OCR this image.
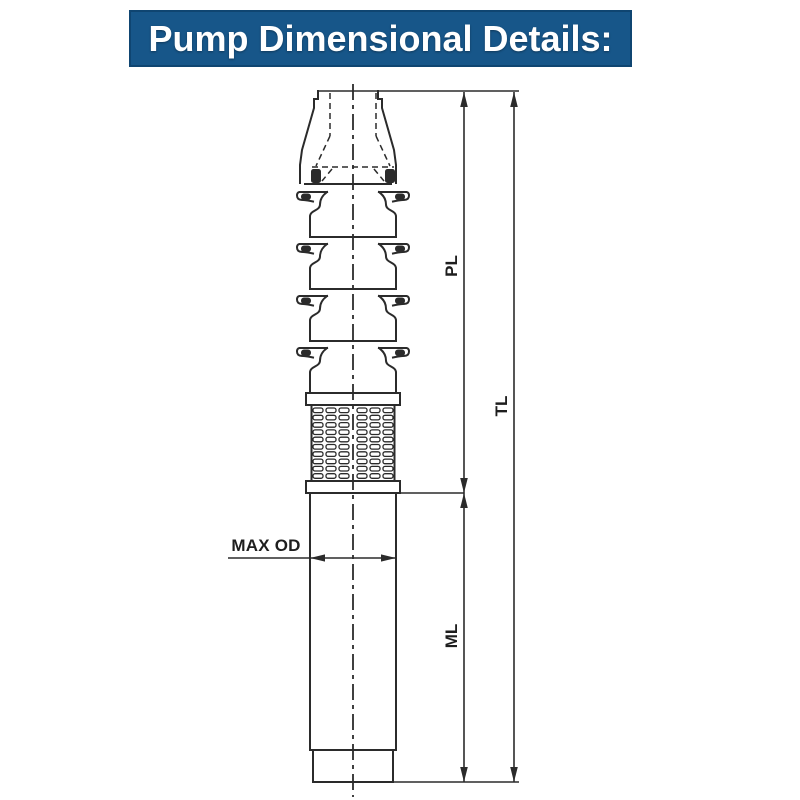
Pump Dimensional Details:
PL
TL
ML
MAX OD
